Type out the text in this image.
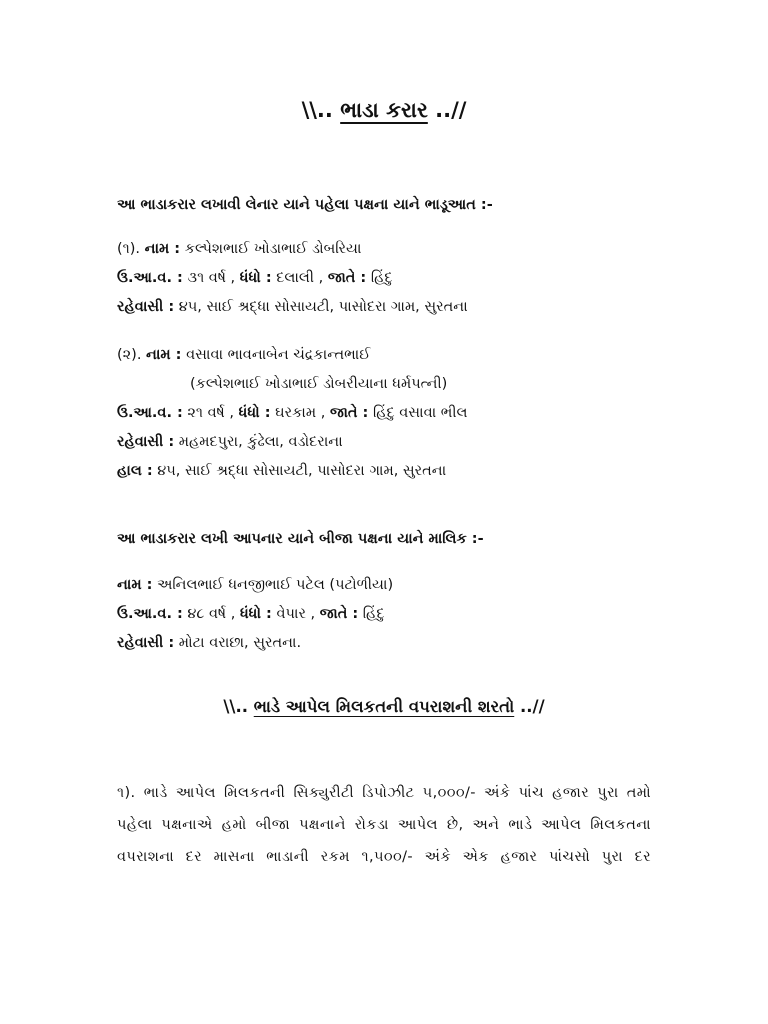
\\.. ભાડા કરાર ..//
આ ભાડાકરાર લખાવી લેનાર યાને પહેલા પક્ષના યાને ભાડૂઆત :-
(૧). નામ : કલ્પેશભાઈ ખોડાભાઈ ડોબરિયા
ઉ.આ.વ. : ૩૧ વર્ષ , ધંધો : દલાલી , જાતે : હિંદુ
રહેવાસી : ૪૫, સાઈ શ્રદ્ધા સોસાયટી, પાસોદરા ગામ, સુરતના
(૨). નામ : વસાવા ભાવનાબેન ચંદ્રકાન્તભાઈ
(કલ્પેશભાઈ ખોડાભાઈ ડોબરીયાના ધર્મપત્ની)
ઉ.આ.વ. : ૨૧ વર્ષ , ધંધો : ઘરકામ , જાતે : હિંદુ વસાવા ભીલ
રહેવાસી : મહમદપુરા, કુંઢેલા, વડોદરાના
હાલ : ૪૫, સાઈ શ્રદ્ધા સોસાયટી, પાસોદરા ગામ, સુરતના
આ ભાડાકરાર લખી આપનાર યાને બીજા પક્ષના યાને માલિક :-
નામ : અનિલભાઈ ધનજીભાઈ પટેલ (પટોળીયા)
ઉ.આ.વ. : ૪૮ વર્ષ , ધંધો : વેપાર , જાતે : હિંદુ
રહેવાસી : મોટા વરાછા, સુરતના.
\\.. ભાડે આપેલ મિલકતની વપરાશની શરતો ..//
૧). ભાડે આપેલ મિલકતની સિક્યુરીટી ડિપોઝીટ ૫,૦૦૦/- અંકે પાંચ હજાર પુરા તમો
પહેલા પક્ષનાએ હમો બીજા પક્ષનાને રોકડા આપેલ છે, અને ભાડે આપેલ મિલકતના
વપરાશના દર માસના ભાડાની રકમ ૧,૫૦૦/- અંકે એક હજાર પાંચસો પુરા દર
